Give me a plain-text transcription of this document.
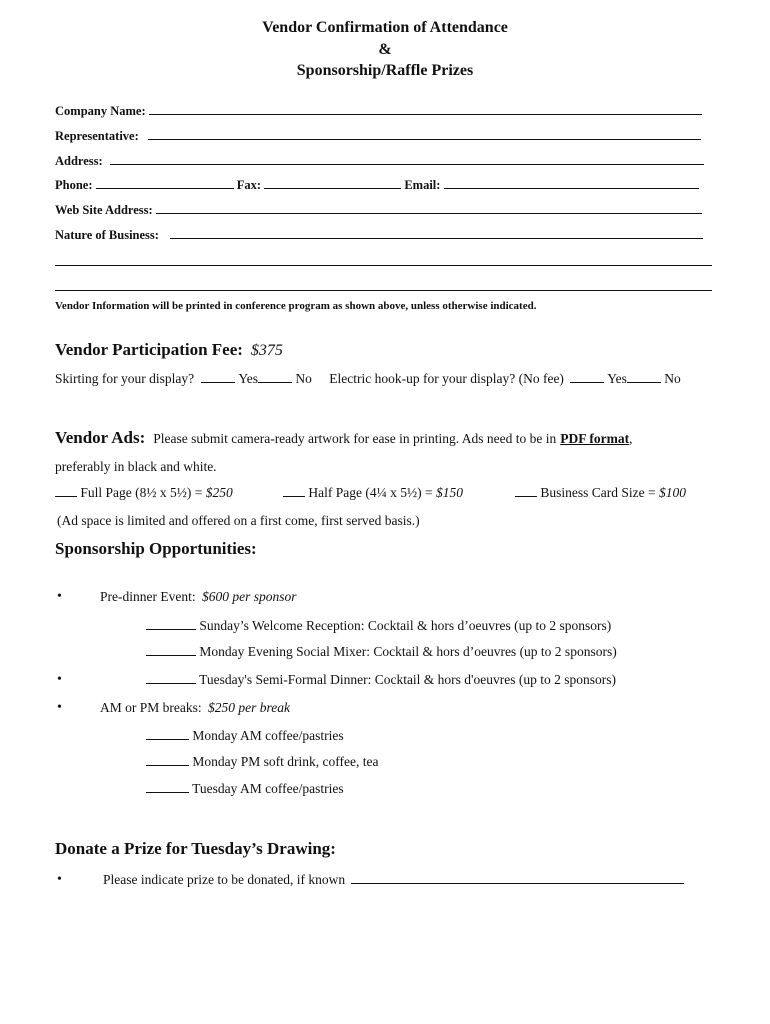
Vendor Confirmation of Attendance
&
Sponsorship/Raffle Prizes
Company Name:
Representative:
Address:
Phone:	Fax:	Email:
Web Site Address:
Nature of Business:
Vendor Information will be printed in conference program as shown above, unless otherwise indicated.
Vendor Participation Fee: $375
Skirting for your display?	Yes	No Electric hook-up for your display? (No fee)	Yes	No
Vendor Ads: Please submit camera-ready artwork for ease in printing. Ads need to be in PDF format,
preferably in black and white.
Full Page (8½ x 5½) = $250	Half Page (4¼ x 5½) = $150	Business Card Size = $100
(Ad space is limited and offered on a first come, first served basis.)
Sponsorship Opportunities:
•	Pre-dinner Event: $600 per sponsor
Sunday’s Welcome Reception: Cocktail & hors d’oeuvres (up to 2 sponsors)
Monday Evening Social Mixer: Cocktail & hors d’oeuvres (up to 2 sponsors)
•	Tuesday's Semi-Formal Dinner: Cocktail & hors d'oeuvres (up to 2 sponsors)
•	AM or PM breaks: $250 per break
Monday AM coffee/pastries
Monday PM soft drink, coffee, tea
Tuesday AM coffee/pastries
Donate a Prize for Tuesday’s Drawing:
•	Please indicate prize to be donated, if known
